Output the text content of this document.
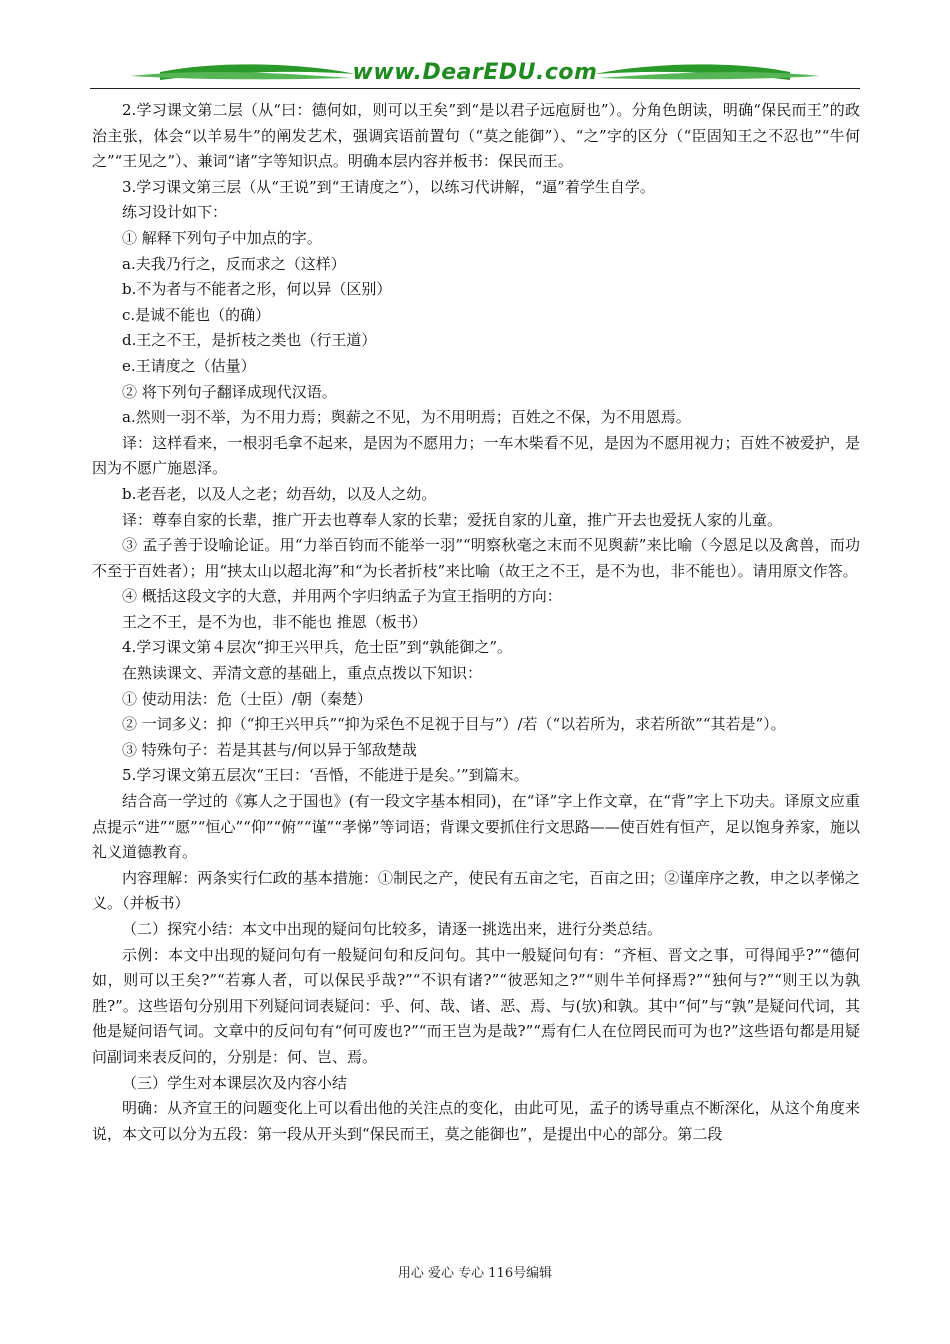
www.DearEDU.com

2.学习课文第二层（从“曰：德何如，则可以王矣”到“是以君子远庖厨也”）。分角色朗读，明确“保民而王”的政治主张，体会“以羊易牛”的阐发艺术，强调宾语前置句（“莫之能御”）、“之”字的区分（“臣固知王之不忍也”“牛何之”“王见之”）、兼词“诸”字等知识点。明确本层内容并板书：保民而王。

3.学习课文第三层（从“王说”到“王请度之”），以练习代讲解，“逼”着学生自学。

练习设计如下：

① 解释下列句子中加点的字。

a.夫我乃行之，反而求之（这样）

b.不为者与不能者之形，何以异（区别）

c.是诚不能也（的确）

d.王之不王，是折枝之类也（行王道）

e.王请度之（估量）

② 将下列句子翻译成现代汉语。

a.然则一羽不举，为不用力焉；舆薪之不见，为不用明焉；百姓之不保，为不用恩焉。

译：这样看来，一根羽毛拿不起来，是因为不愿用力；一车木柴看不见，是因为不愿用视力；百姓不被爱护，是因为不愿广施恩泽。

b.老吾老，以及人之老；幼吾幼，以及人之幼。

译：尊奉自家的长辈，推广开去也尊奉人家的长辈；爱抚自家的儿童，推广开去也爱抚人家的儿童。

③ 孟子善于设喻论证。用“力举百钧而不能举一羽”“明察秋毫之末而不见舆薪”来比喻（今恩足以及禽兽，而功不至于百姓者）；用“挟太山以超北海”和“为长者折枝”来比喻（故王之不王，是不为也，非不能也）。请用原文作答。

④ 概括这段文字的大意，并用两个字归纳孟子为宣王指明的方向：

王之不王，是不为也，非不能也 推恩（板书）

4.学习课文第４层次“抑王兴甲兵，危士臣”到“孰能御之”。

在熟读课文、弄清文意的基础上，重点点拨以下知识：

① 使动用法：危（士臣）/朝（秦楚）

② 一词多义：抑（“抑王兴甲兵”“抑为采色不足视于目与”）/若（“以若所为，求若所欲”“其若是”）。

③ 特殊句子：若是其甚与/何以异于邹敌楚哉

5.学习课文第五层次“王曰：‘吾惛，不能进于是矣。’”到篇末。

结合高一学过的《寡人之于国也》(有一段文字基本相同)，在“译”字上作文章，在“背”字上下功夫。译原文应重点提示“进”“愿”“恒心”“仰”“俯”“谨”“孝悌”等词语；背课文要抓住行文思路——使百姓有恒产，足以饱身养家，施以礼义道德教育。

内容理解：两条实行仁政的基本措施：①制民之产，使民有五亩之宅，百亩之田；②谨庠序之教，申之以孝悌之义。（并板书）

（二）探究小结：本文中出现的疑问句比较多，请逐一挑选出来，进行分类总结。

示例：本文中出现的疑问句有一般疑问句和反问句。其中一般疑问句有：“齐桓、晋文之事，可得闻乎?”“德何如，则可以王矣?”“若寡人者，可以保民乎哉?”“不识有诸?”“彼恶知之?”“则牛羊何择焉?”“独何与?”“则王以为孰胜?”。这些语句分别用下列疑问词表疑问：乎、何、哉、诸、恶、焉、与(欤)和孰。其中“何”与“孰”是疑问代词，其他是疑问语气词。文章中的反问句有“何可废也?”“而王岂为是哉?”“焉有仁人在位罔民而可为也?”这些语句都是用疑问副词来表反问的，分别是：何、岂、焉。

（三）学生对本课层次及内容小结

明确：从齐宣王的问题变化上可以看出他的关注点的变化，由此可见，孟子的诱导重点不断深化，从这个角度来说，本文可以分为五段：第一段从开头到“保民而王，莫之能御也”，是提出中心的部分。第二段

用心 爱心 专心 116号编辑
